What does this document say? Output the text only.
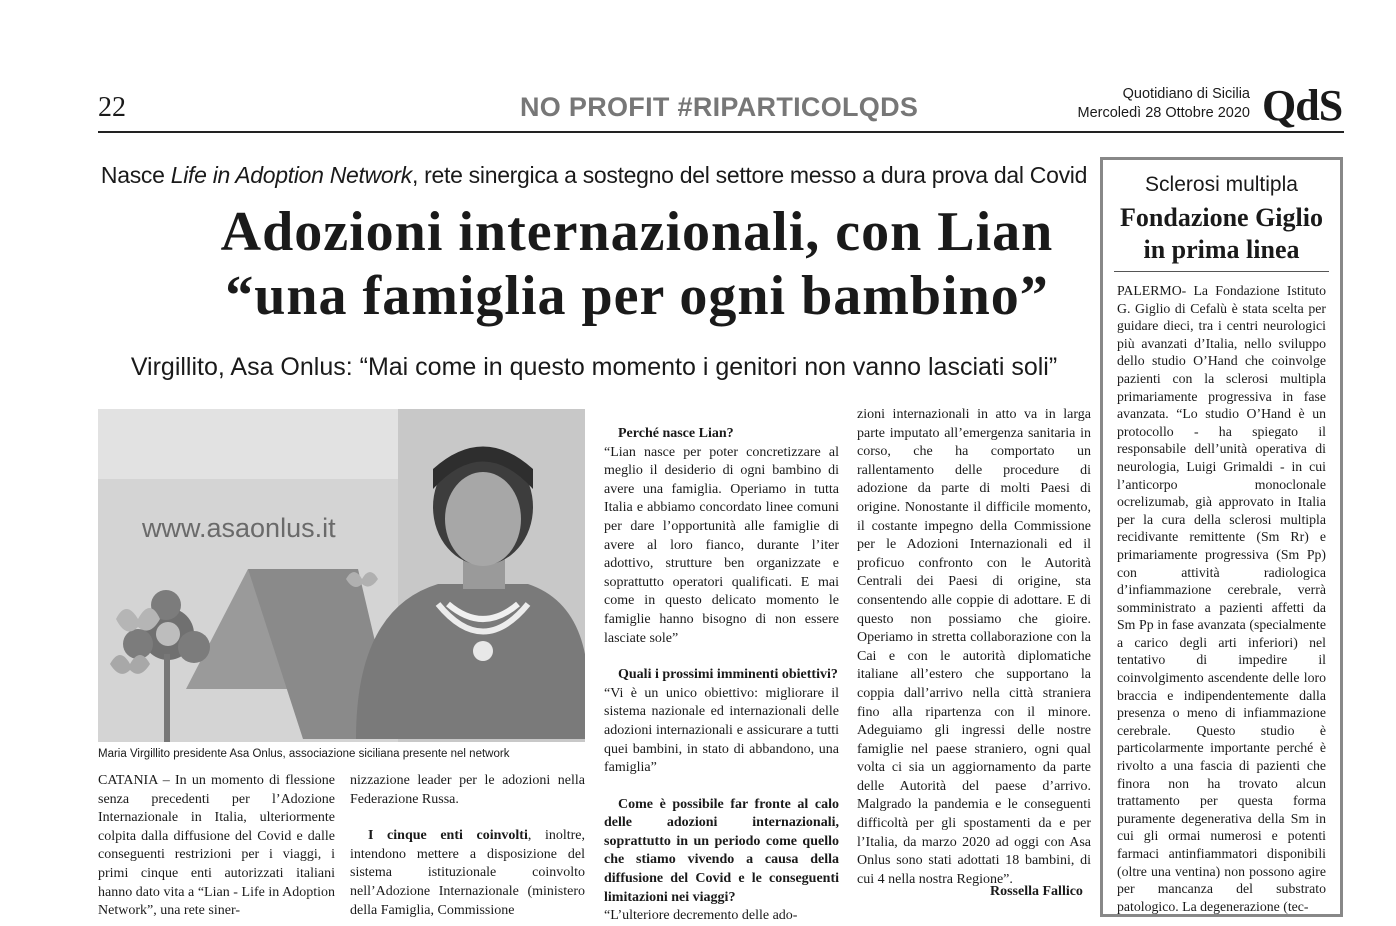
22	NO PROFIT #RIPARTICOLQDS	Quotidiano di Sicilia
Mercoledì 28 Ottobre 2020 QdS
Nasce Life in Adoption Network, rete sinergica a sostegno del settore messo a dura prova dal Covid
Adozioni internazionali, con Lian
“una famiglia per ogni bambino”
Virgillito, Asa Onlus: “Mai come in questo momento i genitori non vanno lasciati soli”
www.asaonlus.it
Maria Virgillito presidente Asa Onlus, associazione siciliana presente nel network

CATANIA – In un momento di flessione senza precedenti per l’Adozione Internazionale in Italia, ulteriormente colpita dalla diffusione del Covid e dalle conseguenti restrizioni per i viaggi, i primi cinque enti autorizzati italiani hanno dato vita a “Lian - Life in Adoption Network”, una rete siner-

nizzazione leader per le adozioni nella Federazione Russa.

I cinque enti coinvolti, inoltre, intendono mettere a disposizione del sistema istituzionale coinvolto nell’Adozione Internazionale (ministero della Famiglia, Commissione

Perché nasce Lian?

“Lian nasce per poter concretizzare al meglio il desiderio di ogni bambino di avere una famiglia. Operiamo in tutta Italia e abbiamo concordato linee comuni per dare l’opportunità alle famiglie di avere al loro fianco, durante l’iter adottivo, strutture ben organizzate e soprattutto operatori qualificati. E mai come in questo delicato momento le famiglie hanno bisogno di non essere lasciate sole”

Quali i prossimi imminenti obiettivi?

“Vi è un unico obiettivo: migliorare il sistema nazionale ed internazionali delle adozioni internazionali e assicurare a tutti quei bambini, in stato di abbandono, una famiglia”

Come è possibile far fronte al calo delle adozioni internazionali, soprattutto in un periodo come quello che stiamo vivendo a causa della diffusione del Covid e le conseguenti limitazioni nei viaggi?

“L’ulteriore decremento delle ado-

zioni internazionali in atto va in larga parte imputato all’emergenza sanitaria in corso, che ha comportato un rallentamento delle procedure di adozione da parte di molti Paesi di origine. Nonostante il difficile momento, il costante impegno della Commissione per le Adozioni Internazionali ed il proficuo confronto con le Autorità Centrali dei Paesi di origine, sta consentendo alle coppie di adottare. E di questo non possiamo che gioire. Operiamo in stretta collaborazione con la Cai e con le autorità diplomatiche italiane all’estero che supportano la coppia dall’arrivo nella città straniera fino alla ripartenza con il minore. Adeguiamo gli ingressi delle nostre famiglie nel paese straniero, ogni qual volta ci sia un aggiornamento da parte delle Autorità del paese d’arrivo. Malgrado la pandemia e le conseguenti difficoltà per gli spostamenti da e per l’Italia, da marzo 2020 ad oggi con Asa Onlus sono stati adottati 18 bambini, di cui 4 nella nostra Regione”.

Rossella Fallico
Sclerosi multipla
Fondazione Giglio
in prima linea
PALERMO- La Fondazione Istituto G. Giglio di Cefalù è stata scelta per guidare dieci, tra i centri neurologici più avanzati d’Italia, nello sviluppo dello studio O’Hand che coinvolge pazienti con la sclerosi multipla primariamente progressiva in fase avanzata. “Lo studio O’Hand è un protocollo - ha spiegato il responsabile dell’unità operativa di neurologia, Luigi Grimaldi - in cui l’anticorpo monoclonale ocrelizumab, già approvato in Italia per la cura della sclerosi multipla recidivante remittente (Sm Rr) e primariamente progressiva (Sm Pp) con attività radiologica d’infiammazione cerebrale, verrà somministrato a pazienti affetti da Sm Pp in fase avanzata (specialmente a carico degli arti inferiori) nel tentativo di impedire il coinvolgimento ascendente delle loro braccia e indipendentemente dalla presenza o meno di infiammazione cerebrale. Questo studio è particolarmente importante perché è rivolto a una fascia di pazienti che finora non ha trovato alcun trattamento per questa forma puramente degenerativa della Sm in cui gli ormai numerosi e potenti farmaci antinfiammatori disponibili (oltre una ventina) non possono agire per mancanza del substrato patologico. La degenerazione (tec-
